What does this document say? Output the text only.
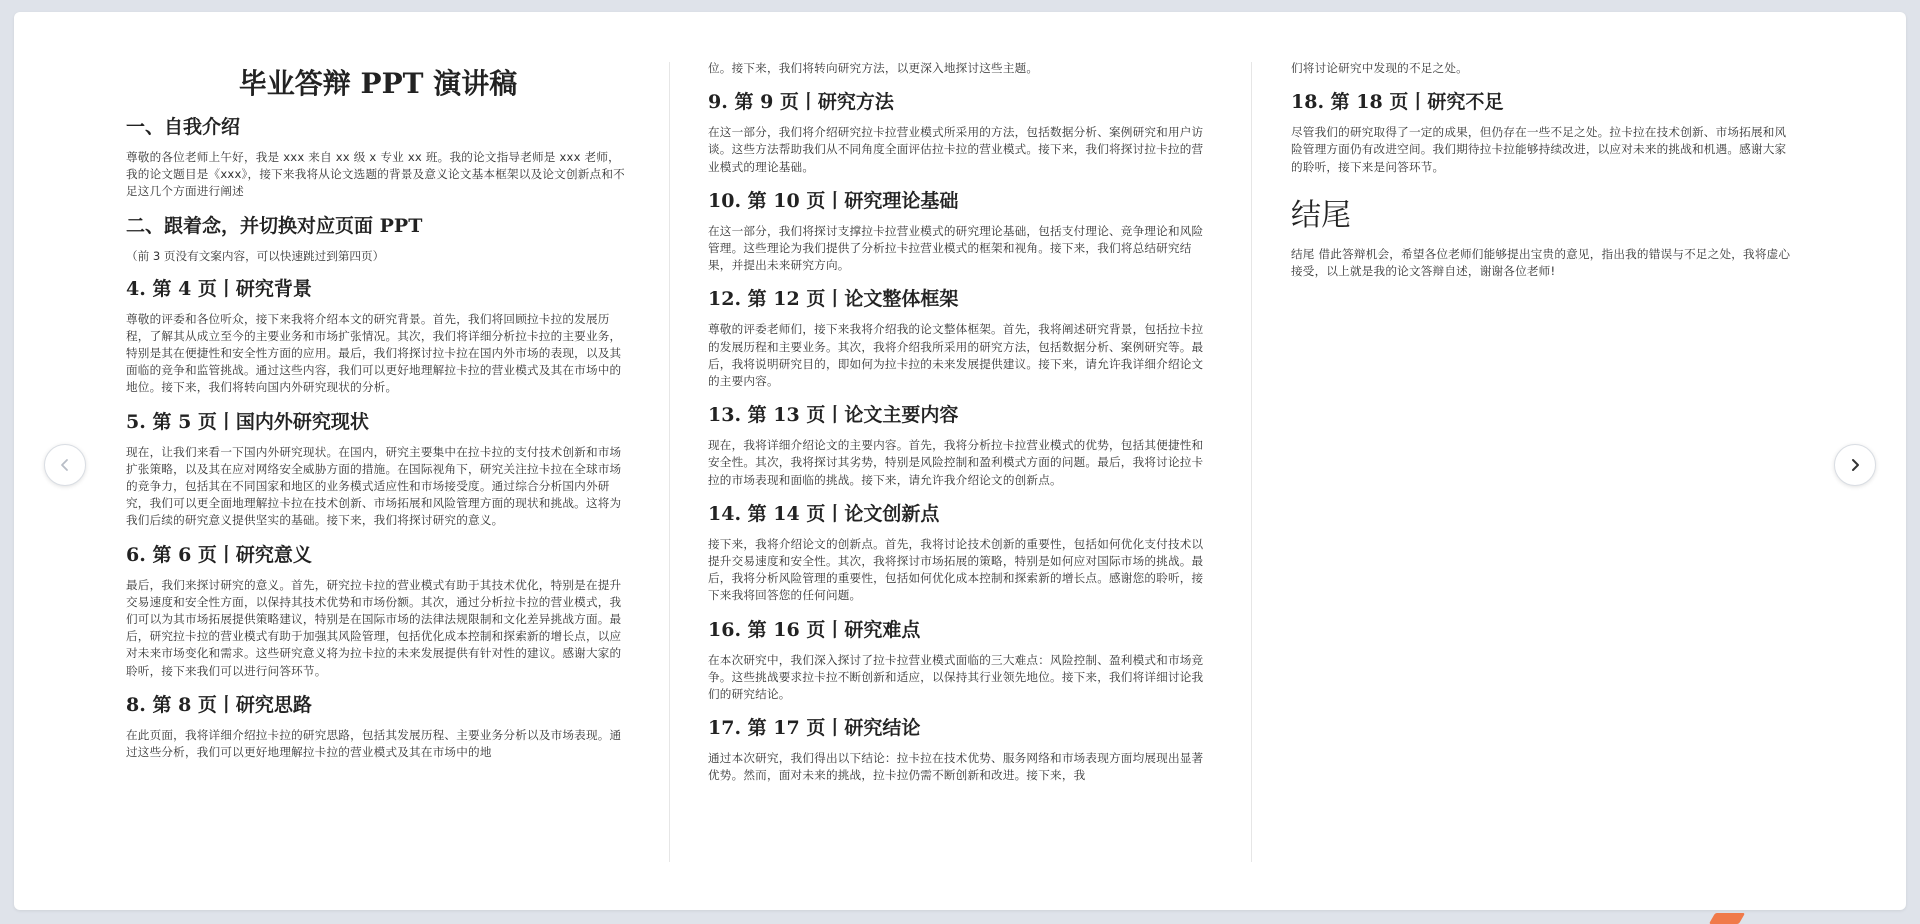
毕业答辩 PPT 演讲稿
一、自我介绍

尊敬的各位老师上午好，我是 xxx 来自 xx 级 x 专业 xx 班。我的论文指导老师是 xxx 老师，我的论文题目是《xxx》，接下来我将从论文选题的背景及意义论文基本框架以及论文创新点和不足这几个方面进行阐述

二、跟着念，并切换对应页面 PPT
（前 3 页没有文案内容，可以快速跳过到第四页）
4. 第 4 页丨研究背景

尊敬的评委和各位听众，接下来我将介绍本文的研究背景。首先，我们将回顾拉卡拉的发展历程，了解其从成立至今的主要业务和市场扩张情况。其次，我们将详细分析拉卡拉的主要业务，特别是其在便捷性和安全性方面的应用。最后，我们将探讨拉卡拉在国内外市场的表现，以及其面临的竞争和监管挑战。通过这些内容，我们可以更好地理解拉卡拉的营业模式及其在市场中的地位。接下来，我们将转向国内外研究现状的分析。

5. 第 5 页丨国内外研究现状

现在，让我们来看一下国内外研究现状。在国内，研究主要集中在拉卡拉的支付技术创新和市场扩张策略，以及其在应对网络安全威胁方面的措施。在国际视角下，研究关注拉卡拉在全球市场的竞争力，包括其在不同国家和地区的业务模式适应性和市场接受度。通过综合分析国内外研究，我们可以更全面地理解拉卡拉在技术创新、市场拓展和风险管理方面的现状和挑战。这将为我们后续的研究意义提供坚实的基础。接下来，我们将探讨研究的意义。

6. 第 6 页丨研究意义

最后，我们来探讨研究的意义。首先，研究拉卡拉的营业模式有助于其技术优化，特别是在提升交易速度和安全性方面，以保持其技术优势和市场份额。其次，通过分析拉卡拉的营业模式，我们可以为其市场拓展提供策略建议，特别是在国际市场的法律法规限制和文化差异挑战方面。最后，研究拉卡拉的营业模式有助于加强其风险管理，包括优化成本控制和探索新的增长点，以应对未来市场变化和需求。这些研究意义将为拉卡拉的未来发展提供有针对性的建议。感谢大家的聆听，接下来我们可以进行问答环节。

8. 第 8 页丨研究思路

在此页面，我将详细介绍拉卡拉的研究思路，包括其发展历程、主要业务分析以及市场表现。通过这些分析，我们可以更好地理解拉卡拉的营业模式及其在市场中的地

位。接下来，我们将转向研究方法，以更深入地探讨这些主题。

9. 第 9 页丨研究方法

在这一部分，我们将介绍研究拉卡拉营业模式所采用的方法，包括数据分析、案例研究和用户访谈。这些方法帮助我们从不同角度全面评估拉卡拉的营业模式。接下来，我们将探讨拉卡拉的营业模式的理论基础。

10. 第 10 页丨研究理论基础

在这一部分，我们将探讨支撑拉卡拉营业模式的研究理论基础，包括支付理论、竞争理论和风险管理。这些理论为我们提供了分析拉卡拉营业模式的框架和视角。接下来，我们将总结研究结果，并提出未来研究方向。

12. 第 12 页丨论文整体框架

尊敬的评委老师们，接下来我将介绍我的论文整体框架。首先，我将阐述研究背景，包括拉卡拉的发展历程和主要业务。其次，我将介绍我所采用的研究方法，包括数据分析、案例研究等。最后，我将说明研究目的，即如何为拉卡拉的未来发展提供建议。接下来，请允许我详细介绍论文的主要内容。

13. 第 13 页丨论文主要内容

现在，我将详细介绍论文的主要内容。首先，我将分析拉卡拉营业模式的优势，包括其便捷性和安全性。其次，我将探讨其劣势，特别是风险控制和盈利模式方面的问题。最后，我将讨论拉卡拉的市场表现和面临的挑战。接下来，请允许我介绍论文的创新点。

14. 第 14 页丨论文创新点

接下来，我将介绍论文的创新点。首先，我将讨论技术创新的重要性，包括如何优化支付技术以提升交易速度和安全性。其次，我将探讨市场拓展的策略，特别是如何应对国际市场的挑战。最后，我将分析风险管理的重要性，包括如何优化成本控制和探索新的增长点。感谢您的聆听，接下来我将回答您的任何问题。

16. 第 16 页丨研究难点

在本次研究中，我们深入探讨了拉卡拉营业模式面临的三大难点：风险控制、盈利模式和市场竞争。这些挑战要求拉卡拉不断创新和适应，以保持其行业领先地位。接下来，我们将详细讨论我们的研究结论。

17. 第 17 页丨研究结论

通过本次研究，我们得出以下结论：拉卡拉在技术优势、服务网络和市场表现方面均展现出显著优势。然而，面对未来的挑战，拉卡拉仍需不断创新和改进。接下来，我

们将讨论研究中发现的不足之处。

18. 第 18 页丨研究不足

尽管我们的研究取得了一定的成果，但仍存在一些不足之处。拉卡拉在技术创新、市场拓展和风险管理方面仍有改进空间。我们期待拉卡拉能够持续改进，以应对未来的挑战和机遇。感谢大家的聆听，接下来是问答环节。

结尾

结尾 借此答辩机会，希望各位老师们能够提出宝贵的意见，指出我的错误与不足之处，我将虚心接受，以上就是我的论文答辩自述，谢谢各位老师!
